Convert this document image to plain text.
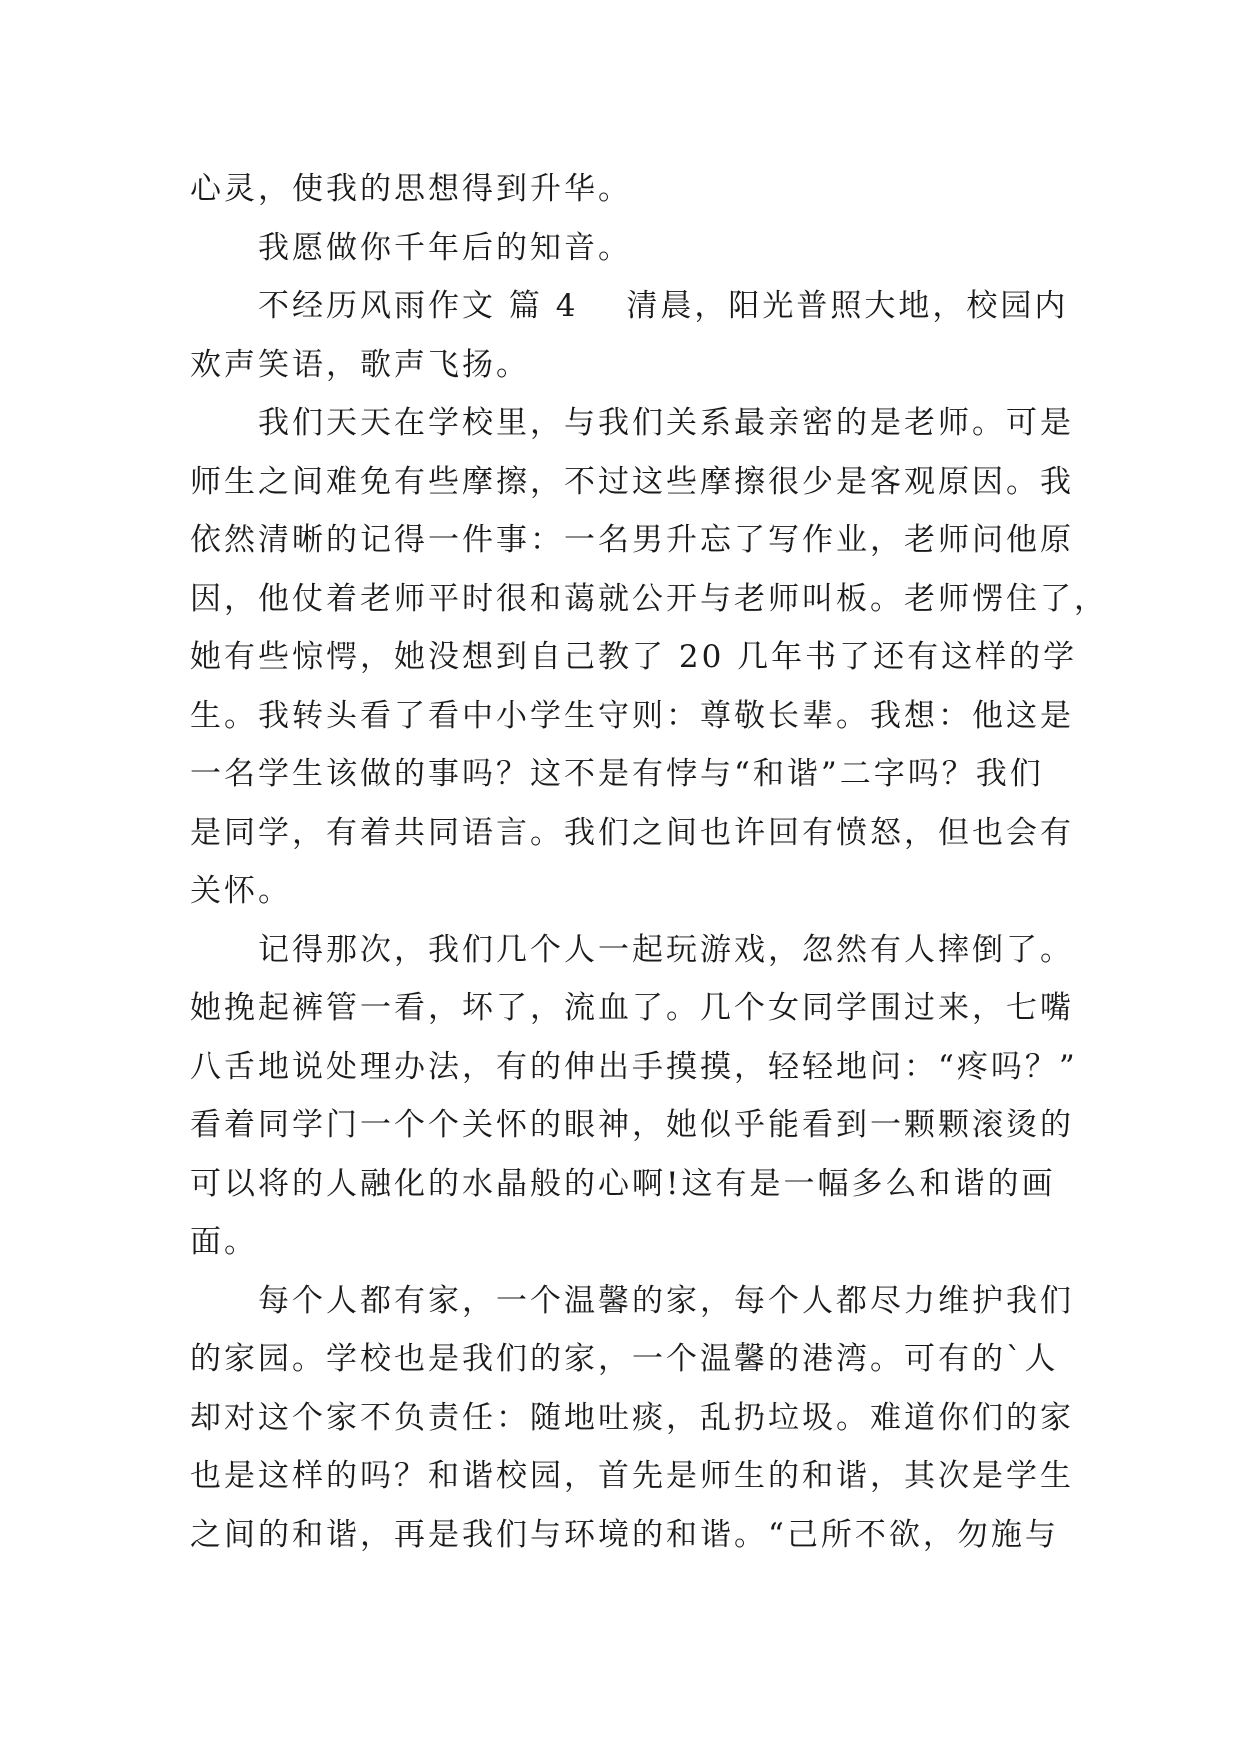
心灵，使我的思想得到升华。
我愿做你千年后的知音。
不经历风雨作文 篇 4 清晨，阳光普照大地，校园内
欢声笑语，歌声飞扬。
我们天天在学校里，与我们关系最亲密的是老师。可是
师生之间难免有些摩擦，不过这些摩擦很少是客观原因。我
依然清晰的记得一件事：一名男升忘了写作业，老师问他原
因，他仗着老师平时很和蔼就公开与老师叫板。老师愣住了，
她有些惊愕，她没想到自己教了 20 几年书了还有这样的学
生。我转头看了看中小学生守则：尊敬长辈。我想：他这是
一名学生该做的事吗？这不是有悖与“和谐”二字吗？我们
是同学，有着共同语言。我们之间也许回有愤怒，但也会有
关怀。
记得那次，我们几个人一起玩游戏，忽然有人摔倒了。
她挽起裤管一看，坏了，流血了。几个女同学围过来，七嘴
八舌地说处理办法，有的伸出手摸摸，轻轻地问：“疼吗？”
看着同学门一个个关怀的眼神，她似乎能看到一颗颗滚烫的
可以将的人融化的水晶般的心啊!这有是一幅多么和谐的画
面。
每个人都有家，一个温馨的家，每个人都尽力维护我们
的家园。学校也是我们的家，一个温馨的港湾。可有的`人
却对这个家不负责任：随地吐痰，乱扔垃圾。难道你们的家
也是这样的吗？和谐校园，首先是师生的和谐，其次是学生
之间的和谐，再是我们与环境的和谐。“己所不欲，勿施与
